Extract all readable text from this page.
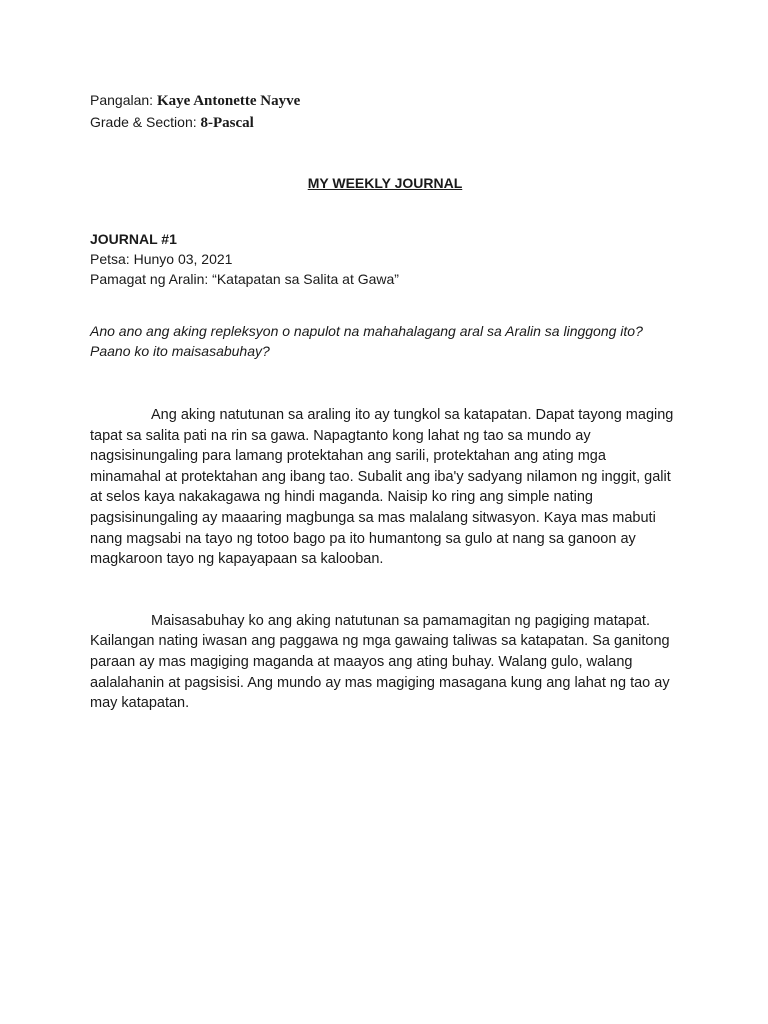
Pangalan: Kaye Antonette Nayve
Grade & Section: 8-Pascal
MY WEEKLY JOURNAL
JOURNAL #1
Petsa: Hunyo 03, 2021
Pamagat ng Aralin: “Katapatan sa Salita at Gawa”
Ano ano ang aking repleksyon o napulot na mahahalagang aral sa Aralin sa linggong ito? Paano ko ito maisasabuhay?

Ang aking natutunan sa araling ito ay tungkol sa katapatan. Dapat tayong maging tapat sa salita pati na rin sa gawa. Napagtanto kong lahat ng tao sa mundo ay nagsisinungaling para lamang protektahan ang sarili, protektahan ang ating mga minamahal at protektahan ang ibang tao. Subalit ang iba'y sadyang nilamon ng inggit, galit at selos kaya nakakagawa ng hindi maganda. Naisip ko ring ang simple nating pagsisinungaling ay maaaring magbunga sa mas malalang sitwasyon. Kaya mas mabuti nang magsabi na tayo ng totoo bago pa ito humantong sa gulo at nang sa ganoon ay magkaroon tayo ng kapayapaan sa kalooban.

Maisasabuhay ko ang aking natutunan sa pamamagitan ng pagiging matapat. Kailangan nating iwasan ang paggawa ng mga gawaing taliwas sa katapatan. Sa ganitong paraan ay mas magiging maganda at maayos ang ating buhay. Walang gulo, walang aalalahanin at pagsisisi. Ang mundo ay mas magiging masagana kung ang lahat ng tao ay may katapatan.
